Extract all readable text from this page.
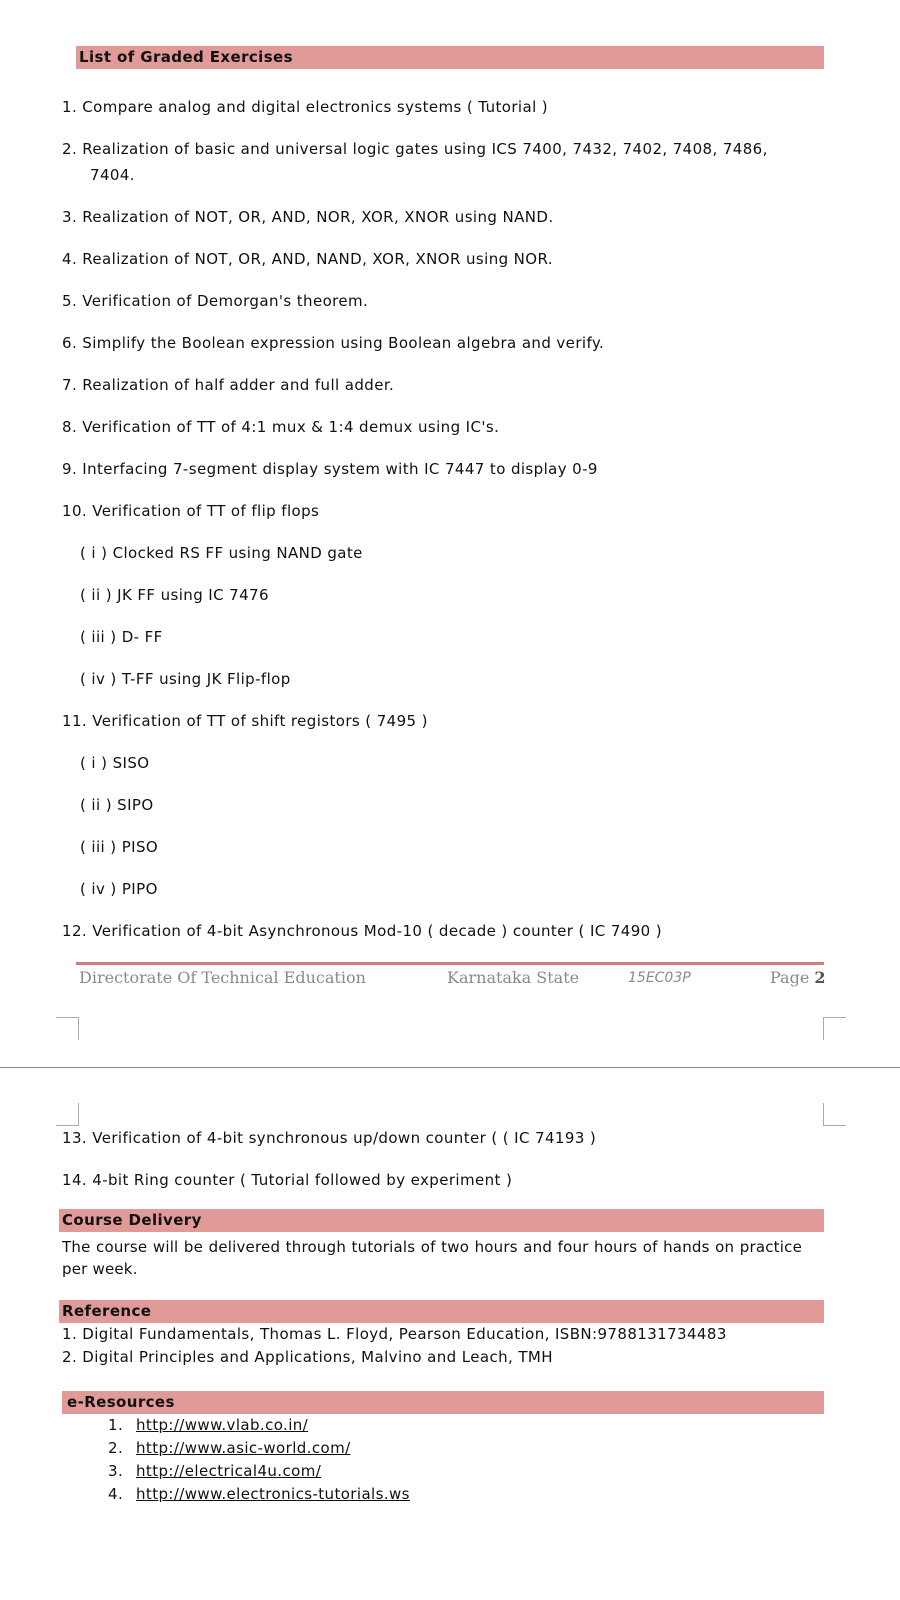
List of Graded Exercises
1. Compare analog and digital electronics systems ( Tutorial )
2. Realization of basic and universal logic gates using ICS 7400, 7432, 7402, 7408, 7486,
7404.
3. Realization of NOT, OR, AND, NOR, XOR, XNOR using NAND.
4. Realization of NOT, OR, AND, NAND, XOR, XNOR using NOR.
5. Verification of Demorgan's theorem.
6. Simplify the Boolean expression using Boolean algebra and verify.
7. Realization of half adder and full adder.
8. Verification of TT of 4:1 mux & 1:4 demux using IC's.
9. Interfacing 7-segment display system with IC 7447 to display 0-9
10. Verification of TT of flip flops
( i ) Clocked RS FF using NAND gate
( ii ) JK FF using IC 7476
( iii ) D- FF
( iv ) T-FF using JK Flip-flop
11. Verification of TT of shift registors ( 7495 )
( i ) SISO
( ii ) SIPO
( iii ) PISO
( iv ) PIPO
12. Verification of 4-bit Asynchronous Mod-10 ( decade ) counter ( IC 7490 )
Directorate Of Technical Education	Karnataka State	15EC03P	Page 2
13. Verification of 4-bit synchronous up/down counter ( ( IC 74193 )
14. 4-bit Ring counter ( Tutorial followed by experiment )
Course Delivery
The course will be delivered through tutorials of two hours and four hours of hands on practice per week.
Reference
1. Digital Fundamentals, Thomas L. Floyd, Pearson Education, ISBN:9788131734483
2. Digital Principles and Applications, Malvino and Leach, TMH
e-Resources
1. http://www.vlab.co.in/
2. http://www.asic-world.com/
3. http://electrical4u.com/
4. http://www.electronics-tutorials.ws
